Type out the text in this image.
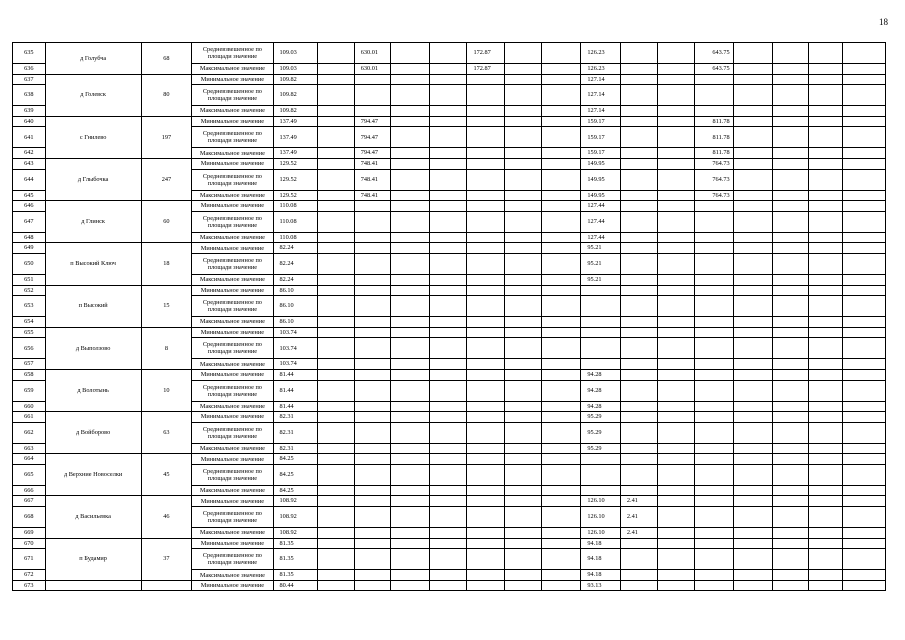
18
635	д Голубча	68	Средневзвешенное по площади значение	109.03		630.01			172.87			126.23			643.75				
636			Максимальное значение	109.03		630.01			172.87			126.23			643.75				
637	д Голевск	80	Минимальное значение	109.82								127.14							
638			Средневзвешенное по площади значение	109.82								127.14							
639			Максимальное значение	109.82								127.14							
640	с Гнилево	197	Минимальное значение	137.49		794.47						159.17			811.78				
641			Средневзвешенное по площади значение	137.49		794.47						159.17			811.78				
642			Максимальное значение	137.49		794.47						159.17			811.78				
643	д Глыбочка	247	Минимальное значение	129.52		748.41						149.95			764.73				
644			Средневзвешенное по площади значение	129.52		748.41						149.95			764.73				
645			Максимальное значение	129.52		748.41						149.95			764.73				
646	д Глинск	60	Минимальное значение	110.08								127.44							
647			Средневзвешенное по площади значение	110.08								127.44							
648			Максимальное значение	110.08								127.44							
649	п Высокий Ключ	18	Минимальное значение	82.24								95.21							
650			Средневзвешенное по площади значение	82.24								95.21							
651			Максимальное значение	82.24								95.21							
652	п Высокий	15	Минимальное значение	86.10															
653			Средневзвешенное по площади значение	86.10															
654			Максимальное значение	86.10															
655	д Выползово	8	Минимальное значение	103.74															
656			Средневзвешенное по площади значение	103.74															
657			Максимальное значение	103.74															
658	д Волотынь	10	Минимальное значение	81.44								94.28							
659			Средневзвешенное по площади значение	81.44								94.28							
660			Максимальное значение	81.44								94.28							
661	д Войборово	63	Минимальное значение	82.31								95.29							
662			Средневзвешенное по площади значение	82.31								95.29							
663			Максимальное значение	82.31								95.29							
664	д Верхние Новоселки	45	Минимальное значение	84.25															
665			Средневзвешенное по площади значение	84.25															
666			Максимальное значение	84.25															
667	д Васильевка	46	Минимальное значение	108.92								126.10	2.41						
668			Средневзвешенное по площади значение	108.92								126.10	2.41						
669			Максимальное значение	108.92								126.10	2.41						
670	п Будамир	37	Минимальное значение	81.35								94.18							
671			Средневзвешенное по площади значение	81.35								94.18							
672			Максимальное значение	81.35								94.18							
673			Минимальное значение	80.44								93.13							
